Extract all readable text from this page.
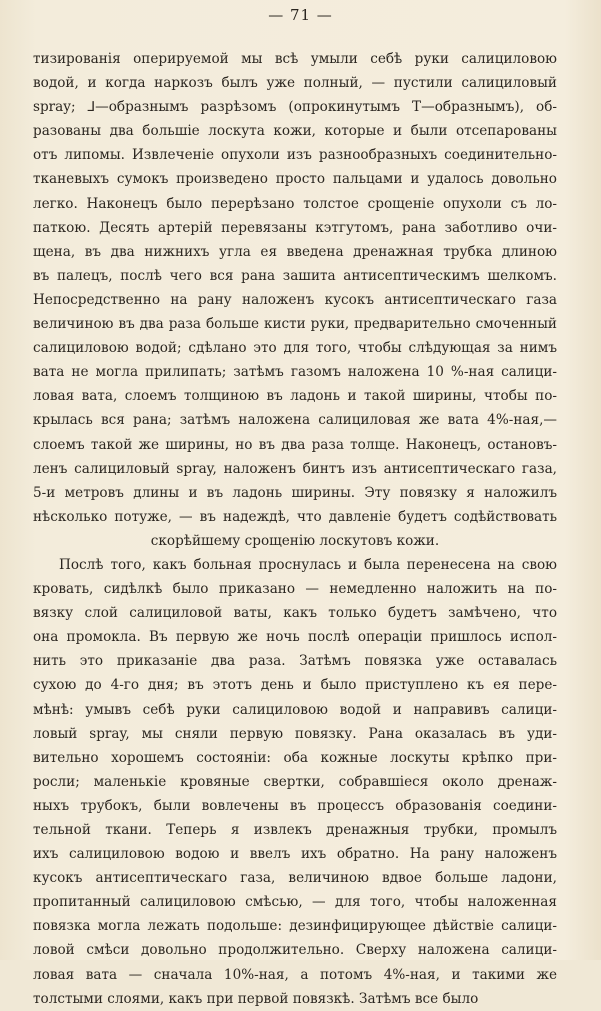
— 71 —
тизированія оперируемой мы всѣ умыли себѣ руки салициловою
водой, и когда наркозъ былъ уже полный, — пустили салициловый
spray; ⅃—образнымъ разрѣзомъ (опрокинутымъ Т—образнымъ), об-
разованы два большіе лоскута кожи, которые и были отсепарованы
отъ липомы. Извлеченіе опухоли изъ разнообразныхъ соединительно-
тканевыхъ сумокъ произведено просто пальцами и удалось довольно
легко. Наконецъ было перерѣзано толстое срощеніе опухоли съ ло-
паткою. Десять артерій перевязаны кэтгутомъ, рана заботливо очи-
щена, въ два нижнихъ угла ея введена дренажная трубка длиною
въ палецъ, послѣ чего вся рана зашита антисептическимъ шелкомъ.
Непосредственно на рану наложенъ кусокъ антисептическаго газа
величиною въ два раза больше кисти руки, предварительно смоченный
салициловою водой; сдѣлано это для того, чтобы слѣдующая за нимъ
вата не могла прилипать; затѣмъ газомъ наложена 10 %-ная салици-
ловая вата, слоемъ толщиною въ ладонь и такой ширины, чтобы по-
крылась вся рана; затѣмъ наложена салициловая же вата 4%-ная,—
слоемъ такой же ширины, но въ два раза толще. Наконецъ, остановъ-
ленъ салициловый spray, наложенъ бинтъ изъ антисептическаго газа,
5-и метровъ длины и въ ладонь ширины. Эту повязку я наложилъ
нѣсколько потуже, — въ надеждѣ, что давленіе будетъ содѣйствовать
скорѣйшему срощенію лоскутовъ кожи.
Послѣ того, какъ больная проснулась и была перенесена на свою
кровать, сидѣлкѣ было приказано — немедленно наложить на по-
вязку слой салициловой ваты, какъ только будетъ замѣчено, что
она промокла. Въ первую же ночь послѣ операціи пришлось испол-
нить это приказаніе два раза. Затѣмъ повязка уже оставалась
сухою до 4-го дня; въ этотъ день и было приступлено къ ея пере-
мѣнѣ: умывъ себѣ руки салициловою водой и направивъ салици-
ловый spray, мы сняли первую повязку. Рана оказалась въ уди-
вительно хорошемъ состояніи: оба кожные лоскуты крѣпко при-
росли; маленькіе кровяные свертки, собравшіеся около дренаж-
ныхъ трубокъ, были вовлечены въ процессъ образованія соедини-
тельной ткани. Теперь я извлекъ дренажныя трубки, промылъ
ихъ салициловою водою и ввелъ ихъ обратно. На рану наложенъ
кусокъ антисептическаго газа, величиною вдвое больше ладони,
пропитанный салициловою смѣсью, — для того, чтобы наложенная
повязка могла лежать подольше: дезинфицирующее дѣйствіе салици-
ловой смѣси довольно продолжительно. Сверху наложена салици-
ловая вата — сначала 10%-ная, а потомъ 4%-ная, и такими же
толстыми слоями, какъ при первой повязкѣ. Затѣмъ все было
